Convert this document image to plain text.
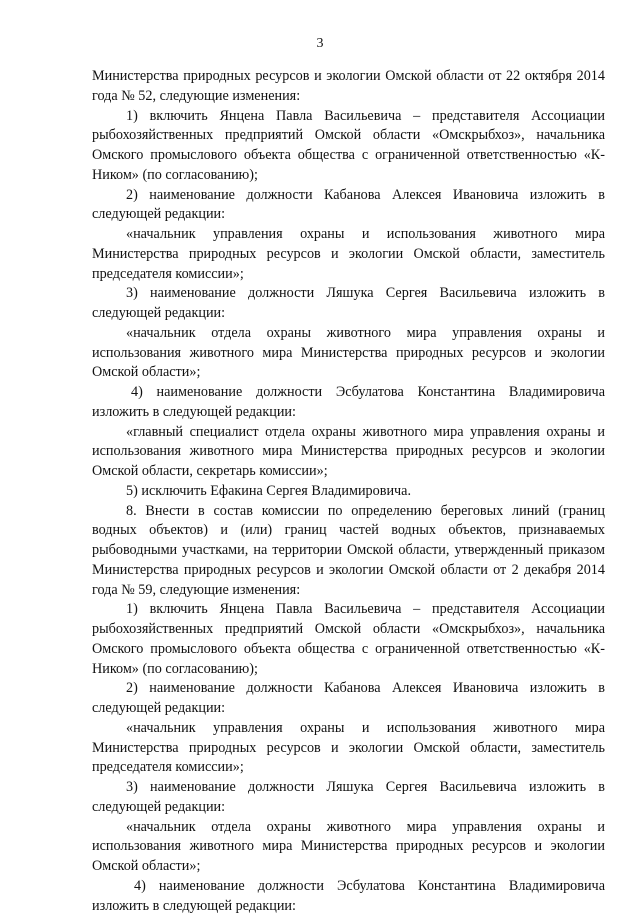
3

Министерства природных ресурсов и экологии Омской области от 22 октября 2014 года № 52, следующие изменения:

1) включить Янцена Павла Васильевича – представителя Ассоциации рыбохозяйственных предприятий Омской области «Омскрыбхоз», начальника Омского промыслового объекта общества с ограниченной ответственностью «К-Ником» (по согласованию);

2) наименование должности Кабанова Алексея Ивановича изложить в следующей редакции:

«начальник управления охраны и использования животного мира Министерства природных ресурсов и экологии Омской области, заместитель председателя комиссии»;

3) наименование должности Ляшука Сергея Васильевича изложить в следующей редакции:

«начальник отдела охраны животного мира управления охраны и использования животного мира Министерства природных ресурсов и экологии Омской области»;

4) наименование должности Эсбулатова Константина Владимировича изложить в следующей редакции:

«главный специалист отдела охраны животного мира управления охраны и использования животного мира Министерства природных ресурсов и экологии Омской области, секретарь комиссии»;

5) исключить Ефакина Сергея Владимировича.

8. Внести в состав комиссии по определению береговых линий (границ водных объектов) и (или) границ частей водных объектов, признаваемых рыбоводными участками, на территории Омской области, утвержденный приказом Министерства природных ресурсов и экологии Омской области от 2 декабря 2014 года № 59, следующие изменения:

1) включить Янцена Павла Васильевича – представителя Ассоциации рыбохозяйственных предприятий Омской области «Омскрыбхоз», начальника Омского промыслового объекта общества с ограниченной ответственностью «К-Ником» (по согласованию);

2) наименование должности Кабанова Алексея Ивановича изложить в следующей редакции:

«начальник управления охраны и использования животного мира Министерства природных ресурсов и экологии Омской области, заместитель председателя комиссии»;

3) наименование должности Ляшука Сергея Васильевича изложить в следующей редакции:

«начальник отдела охраны животного мира управления охраны и использования животного мира Министерства природных ресурсов и экологии Омской области»;

4) наименование должности Эсбулатова Константина Владимировича изложить в следующей редакции:
